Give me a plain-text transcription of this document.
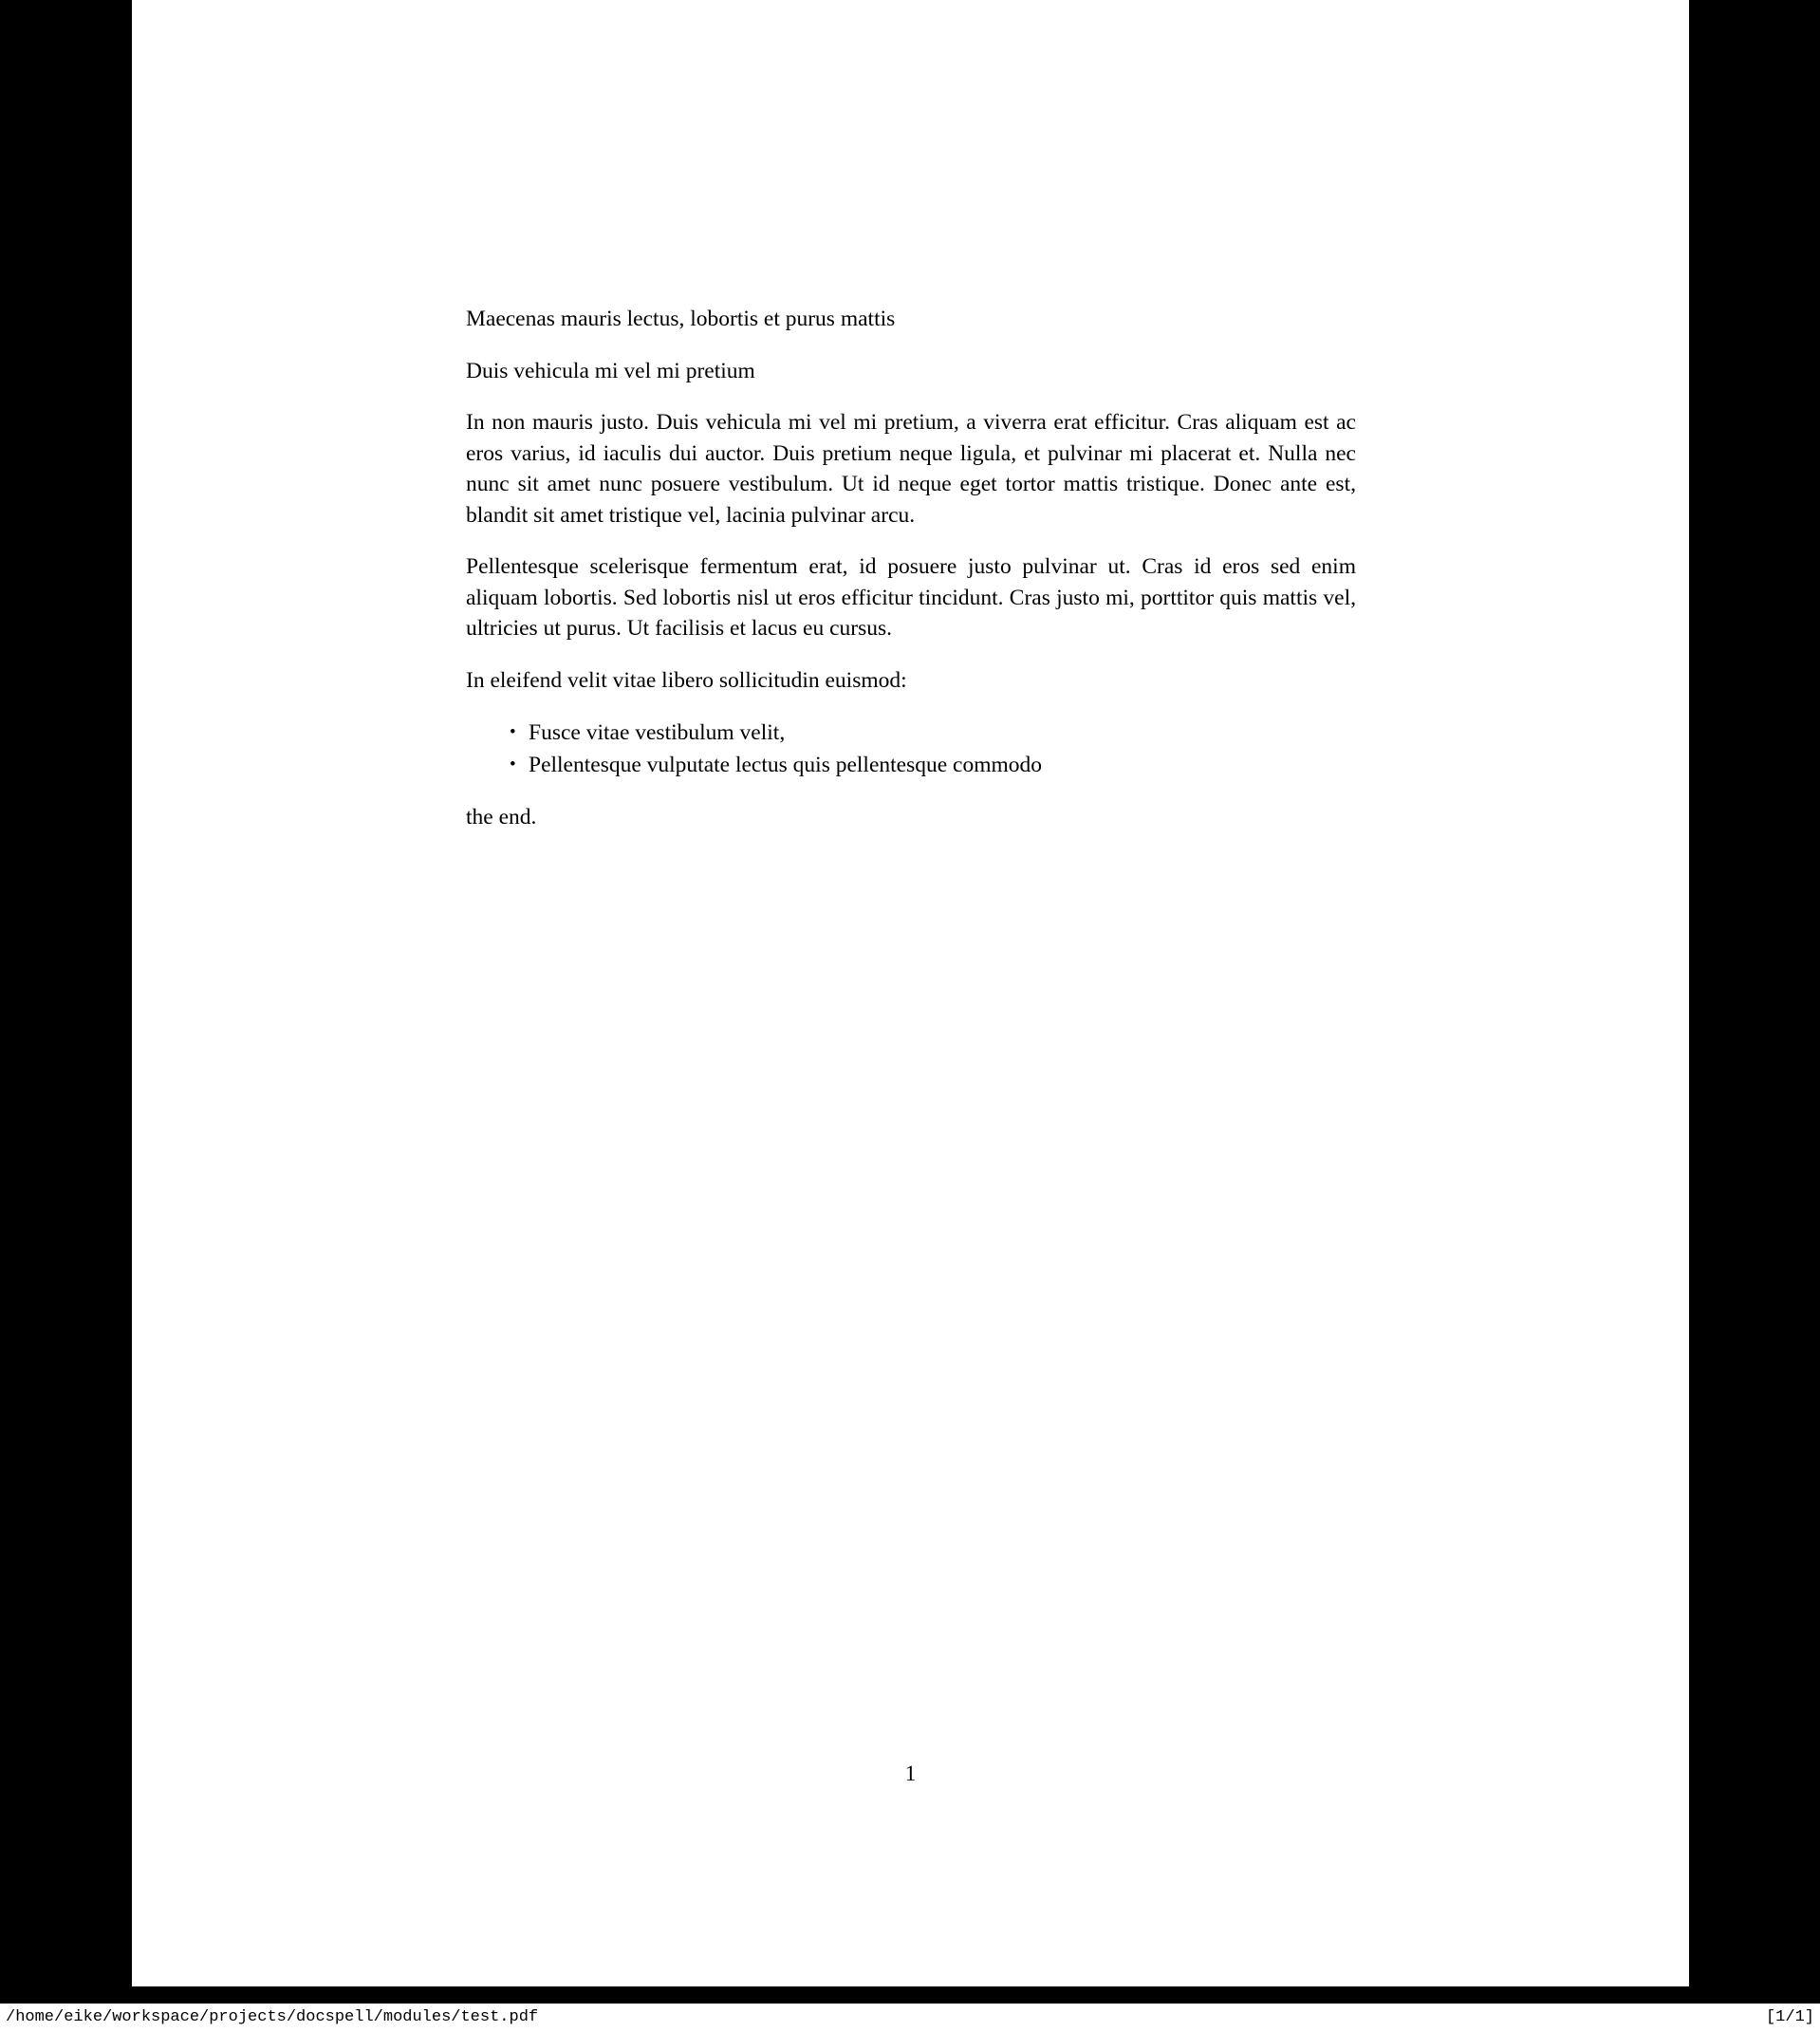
Maecenas mauris lectus, lobortis et purus mattis

Duis vehicula mi vel mi pretium

In non mauris justo. Duis vehicula mi vel mi pretium, a viverra erat efficitur. Cras aliquam est ac eros varius, id iaculis dui auctor. Duis pretium neque ligula, et pulvinar mi placerat et. Nulla nec nunc sit amet nunc posuere vestibulum. Ut id neque eget tortor mattis tristique. Donec ante est, blandit sit amet tristique vel, lacinia pulvinar arcu.

Pellentesque scelerisque fermentum erat, id posuere justo pulvinar ut. Cras id eros sed enim aliquam lobortis. Sed lobortis nisl ut eros efficitur tincidunt. Cras justo mi, porttitor quis mattis vel, ultricies ut purus. Ut facilisis et lacus eu cursus.

In eleifend velit vitae libero sollicitudin euismod:

• Fusce vitae vestibulum velit,
• Pellentesque vulputate lectus quis pellentesque commodo

the end.

1
/home/eike/workspace/projects/docspell/modules/test.pdf	[1/1]
